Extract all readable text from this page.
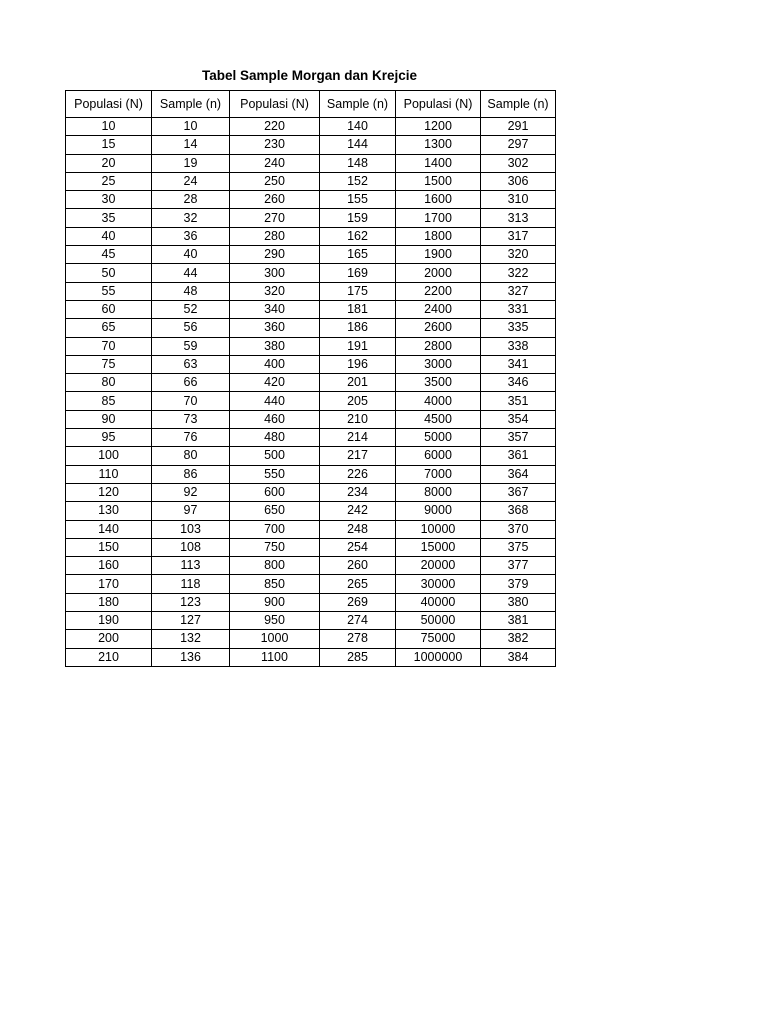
Tabel Sample Morgan dan Krejcie
Populasi (N)	Sample (n)	Populasi (N)	Sample (n)	Populasi (N)	Sample (n)
10	10	220	140	1200	291
15	14	230	144	1300	297
20	19	240	148	1400	302
25	24	250	152	1500	306
30	28	260	155	1600	310
35	32	270	159	1700	313
40	36	280	162	1800	317
45	40	290	165	1900	320
50	44	300	169	2000	322
55	48	320	175	2200	327
60	52	340	181	2400	331
65	56	360	186	2600	335
70	59	380	191	2800	338
75	63	400	196	3000	341
80	66	420	201	3500	346
85	70	440	205	4000	351
90	73	460	210	4500	354
95	76	480	214	5000	357
100	80	500	217	6000	361
110	86	550	226	7000	364
120	92	600	234	8000	367
130	97	650	242	9000	368
140	103	700	248	10000	370
150	108	750	254	15000	375
160	113	800	260	20000	377
170	118	850	265	30000	379
180	123	900	269	40000	380
190	127	950	274	50000	381
200	132	1000	278	75000	382
210	136	1100	285	1000000	384
